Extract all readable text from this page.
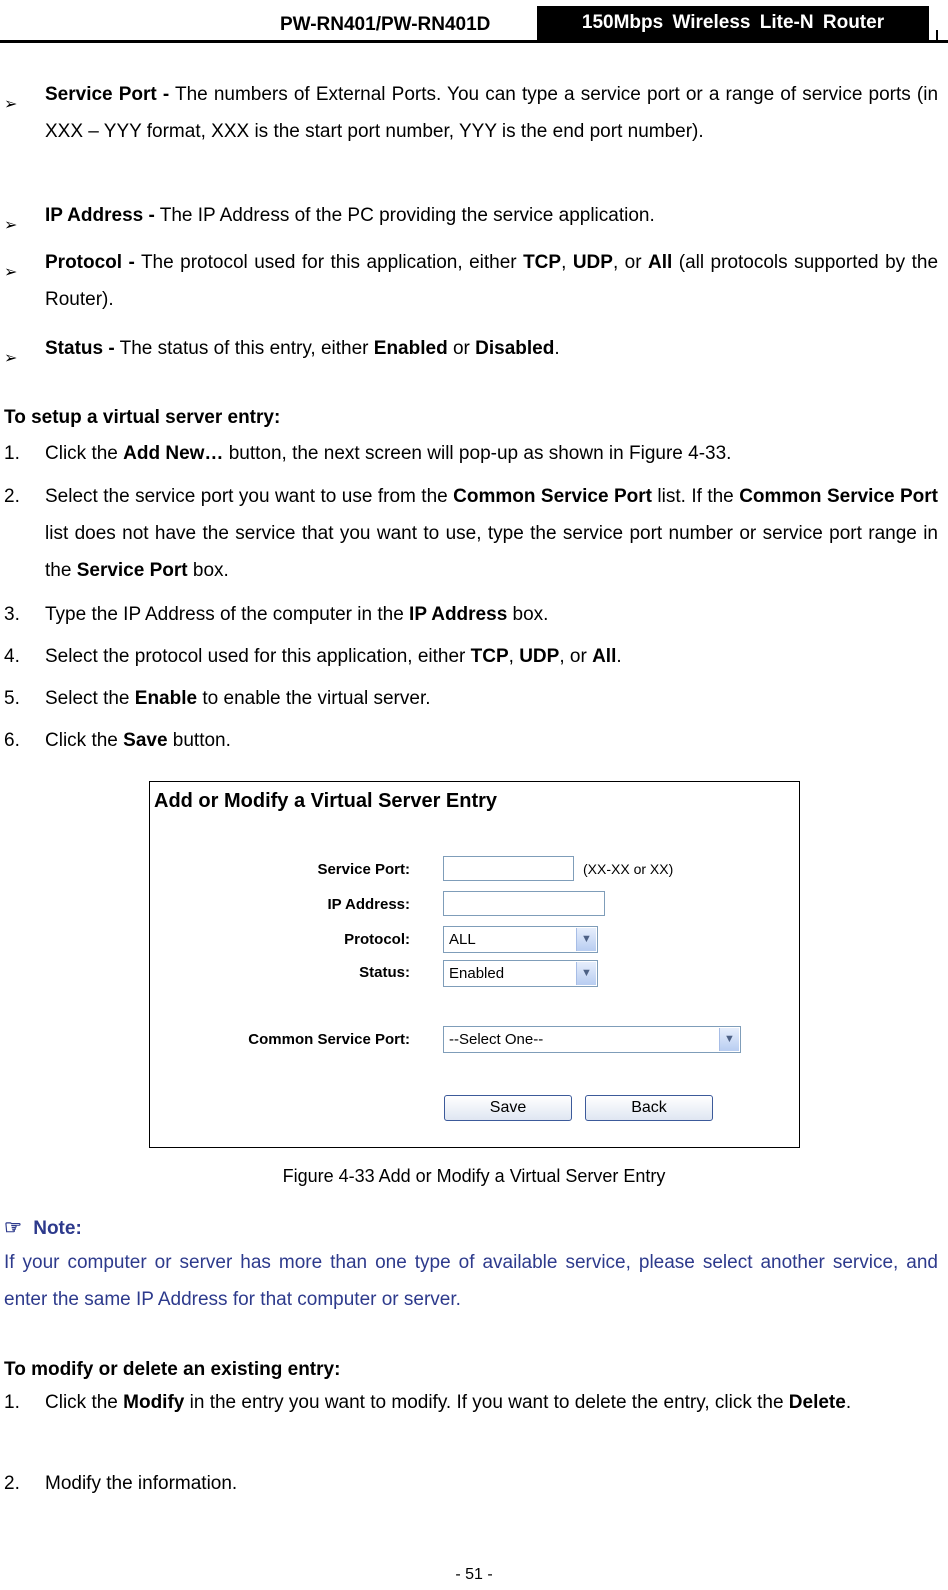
PW-RN401/PW-RN401D	150Mbps Wireless Lite-N Router
➢ Service Port - The numbers of External Ports. You can type a service port or a range of service ports (in XXX – YYY format, XXX is the start port number, YYY is the end port number).
➢ IP Address - The IP Address of the PC providing the service application.
➢ Protocol - The protocol used for this application, either TCP, UDP, or All (all protocols supported by the Router).
➢ Status - The status of this entry, either Enabled or Disabled.
To setup a virtual server entry:
1. Click the Add New… button, the next screen will pop-up as shown in Figure 4-33.
2. Select the service port you want to use from the Common Service Port list. If the Common Service Port list does not have the service that you want to use, type the service port number or service port range in the Service Port box.
3. Type the IP Address of the computer in the IP Address box.
4. Select the protocol used for this application, either TCP, UDP, or All.
5. Select the Enable to enable the virtual server.
6. Click the Save button.
Add or Modify a Virtual Server Entry
Service Port:	(XX-XX or XX)
IP Address:
Protocol:	ALL	▼
Status:	Enabled	▼
Common Service Port:	--Select One--	▼
Save	Back
Figure 4-33 Add or Modify a Virtual Server Entry
☞ Note:
If your computer or server has more than one type of available service, please select another service, and enter the same IP Address for that computer or server.
To modify or delete an existing entry:
1. Click the Modify in the entry you want to modify. If you want to delete the entry, click the Delete.
2. Modify the information.
- 51 -
